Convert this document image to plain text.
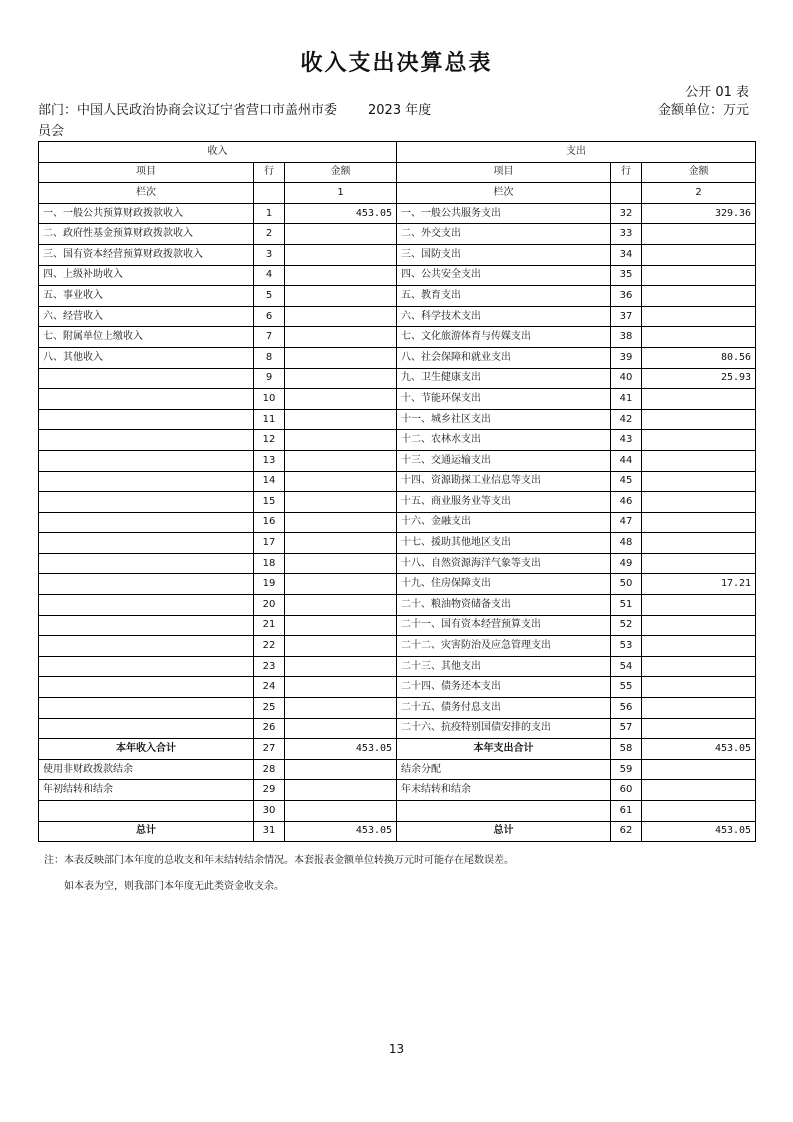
收入支出决算总表
公开 01 表
部门：中国人民政治协商会议辽宁省营口市盖州市委员会
2023 年度	金额单位：万元
收入			支出		
项目	行	金额	项目	行	金额
栏次		1	栏次		2
一、一般公共预算财政拨款收入	1	453.05	一、一般公共服务支出	32	329.36
二、政府性基金预算财政拨款收入	2		二、外交支出	33	
三、国有资本经营预算财政拨款收入	3		三、国防支出	34	
四、上级补助收入	4		四、公共安全支出	35	
五、事业收入	5		五、教育支出	36	
六、经营收入	6		六、科学技术支出	37	
七、附属单位上缴收入	7		七、文化旅游体育与传媒支出	38	
八、其他收入	8		八、社会保障和就业支出	39	80.56
	9		九、卫生健康支出	40	25.93
	10		十、节能环保支出	41	
	11		十一、城乡社区支出	42	
	12		十二、农林水支出	43	
	13		十三、交通运输支出	44	
	14		十四、资源勘探工业信息等支出	45	
	15		十五、商业服务业等支出	46	
	16		十六、金融支出	47	
	17		十七、援助其他地区支出	48	
	18		十八、自然资源海洋气象等支出	49	
	19		十九、住房保障支出	50	17.21
	20		二十、粮油物资储备支出	51	
	21		二十一、国有资本经营预算支出	52	
	22		二十二、灾害防治及应急管理支出	53	
	23		二十三、其他支出	54	
	24		二十四、债务还本支出	55	
	25		二十五、债务付息支出	56	
	26		二十六、抗疫特别国债安排的支出	57	
本年收入合计	27	453.05	本年支出合计	58	453.05
使用非财政拨款结余	28		结余分配	59	
年初结转和结余	29		年末结转和结余	60	
	30			61	
总计	31	453.05	总计	62	453.05
注：本表反映部门本年度的总收支和年末结转结余情况。本套报表金额单位转换万元时可能存在尾数误差。
如本表为空，则我部门本年度无此类资金收支余。
13
